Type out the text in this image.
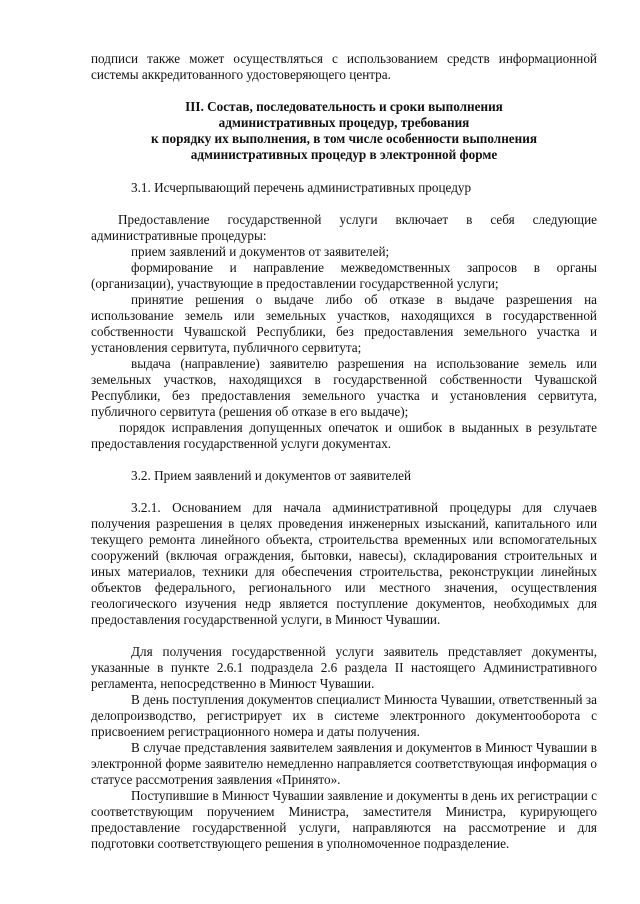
подписи также может осуществляться с использованием средств информационной системы аккредитованного удостоверяющего центра.

III. Состав, последовательность и сроки выполнения
административных процедур, требования
к порядку их выполнения, в том числе особенности выполнения
административных процедур в электронной форме

3.1. Исчерпывающий перечень административных процедур

Предоставление государственной услуги включает в себя следующие административные процедуры:

прием заявлений и документов от заявителей;

формирование и направление межведомственных запросов в органы (организации), участвующие в предоставлении государственной услуги;

принятие решения о выдаче либо об отказе в выдаче разрешения на использование земель или земельных участков, находящихся в государственной собственности Чувашской Республики, без предоставления земельного участка и установления сервитута, публичного сервитута;

выдача (направление) заявителю разрешения на использование земель или земельных участков, находящихся в государственной собственности Чувашской Республики, без предоставления земельного участка и установления сервитута, публичного сервитута (решения об отказе в его выдаче);

порядок исправления допущенных опечаток и ошибок в выданных в результате предоставления государственной услуги документах.

3.2. Прием заявлений и документов от заявителей

3.2.1. Основанием для начала административной процедуры для случаев получения разрешения в целях проведения инженерных изысканий, капитального или текущего ремонта линейного объекта, строительства временных или вспомогательных сооружений (включая ограждения, бытовки, навесы), складирования строительных и иных материалов, техники для обеспечения строительства, реконструкции линейных объектов федерального, регионального или местного значения, осуществления геологического изучения недр является поступление документов, необходимых для предоставления государственной услуги, в Минюст Чувашии.

Для получения государственной услуги заявитель представляет документы, указанные в пункте 2.6.1 подраздела 2.6 раздела II настоящего Административного регламента, непосредственно в Минюст Чувашии.

В день поступления документов специалист Минюста Чувашии, ответственный за делопроизводство, регистрирует их в системе электронного документооборота с присвоением регистрационного номера и даты получения.

В случае представления заявителем заявления и документов в Минюст Чувашии в электронной форме заявителю немедленно направляется соответствующая информация о статусе рассмотрения заявления «Принято».

Поступившие в Минюст Чувашии заявление и документы в день их регистрации с соответствующим поручением Министра, заместителя Министра, курирующего предоставление государственной услуги, направляются на рассмотрение и для подготовки соответствующего решения в уполномоченное подразделение.
